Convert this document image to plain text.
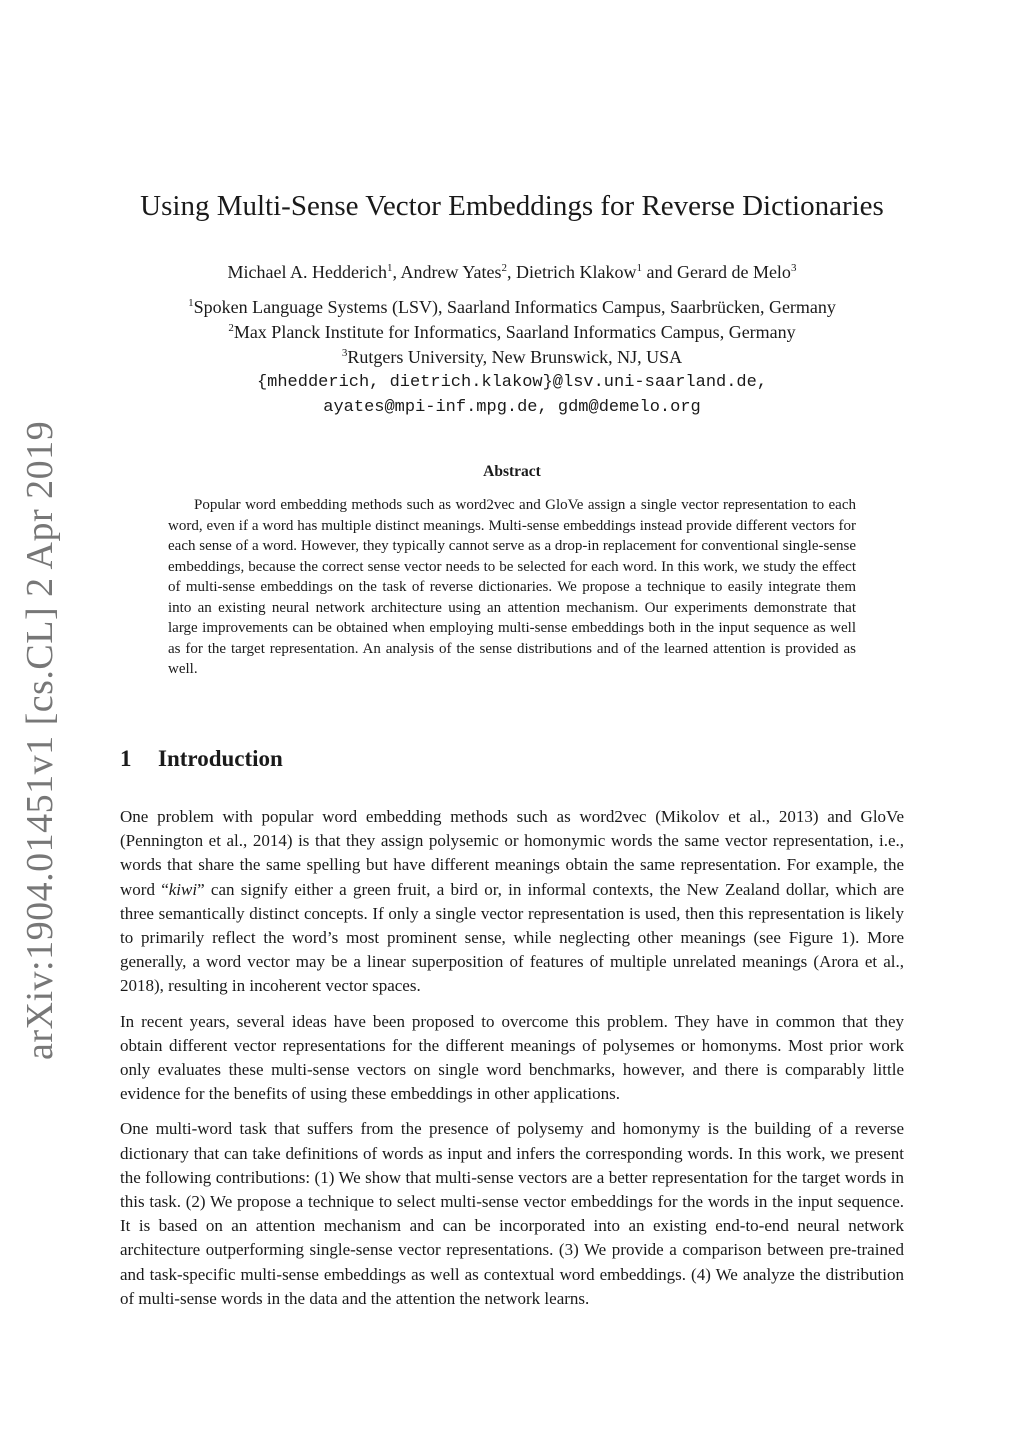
arXiv:1904.01451v1 [cs.CL] 2 Apr 2019
Using Multi-Sense Vector Embeddings for Reverse Dictionaries
Michael A. Hedderich$^1$, Andrew Yates$^2$, Dietrich Klakow$^1$ and Gerard de Melo$^3$
$^1$Spoken Language Systems (LSV), Saarland Informatics Campus, Saarbrücken, Germany
$^2$Max Planck Institute for Informatics, Saarland Informatics Campus, Germany
$^3$Rutgers University, New Brunswick, NJ, USA
{mhedderich, dietrich.klakow}@lsv.uni-saarland.de,
ayates@mpi-inf.mpg.de, gdm@demelo.org
Abstract

Popular word embedding methods such as word2vec and GloVe assign a single vector representation to each word, even if a word has multiple distinct meanings. Multi-sense embeddings instead provide different vectors for each sense of a word. However, they typically cannot serve as a drop-in replacement for conventional single-sense embeddings, because the correct sense vector needs to be selected for each word. In this work, we study the effect of multi-sense embeddings on the task of reverse dictionaries. We propose a technique to easily integrate them into an existing neural network architecture using an attention mechanism. Our experiments demonstrate that large improvements can be obtained when employing multi-sense embeddings both in the input sequence as well as for the target representation. An analysis of the sense distributions and of the learned attention is provided as well.

1 Introduction

One problem with popular word embedding methods such as word2vec (Mikolov et al., 2013) and GloVe (Pennington et al., 2014) is that they assign polysemic or homonymic words the same vector representation, i.e., words that share the same spelling but have different meanings obtain the same representation. For example, the word “kiwi” can signify either a green fruit, a bird or, in informal contexts, the New Zealand dollar, which are three semantically distinct concepts. If only a single vector representation is used, then this representation is likely to primarily reflect the word’s most prominent sense, while neglecting other meanings (see Figure 1). More generally, a word vector may be a linear superposition of features of multiple unrelated meanings (Arora et al., 2018), resulting in incoherent vector spaces.

In recent years, several ideas have been proposed to overcome this problem. They have in common that they obtain different vector representations for the different meanings of polysemes or homonyms. Most prior work only evaluates these multi-sense vectors on single word benchmarks, however, and there is comparably little evidence for the benefits of using these embeddings in other applications.

One multi-word task that suffers from the presence of polysemy and homonymy is the building of a reverse dictionary that can take definitions of words as input and infers the corresponding words. In this work, we present the following contributions: (1) We show that multi-sense vectors are a better representation for the target words in this task. (2) We propose a technique to select multi-sense vector embeddings for the words in the input sequence. It is based on an attention mechanism and can be incorporated into an existing end-to-end neural network architecture outperforming single-sense vector representations. (3) We provide a comparison between pre-trained and task-specific multi-sense embeddings as well as contextual word embeddings. (4) We analyze the distribution of multi-sense words in the data and the attention the network learns.
